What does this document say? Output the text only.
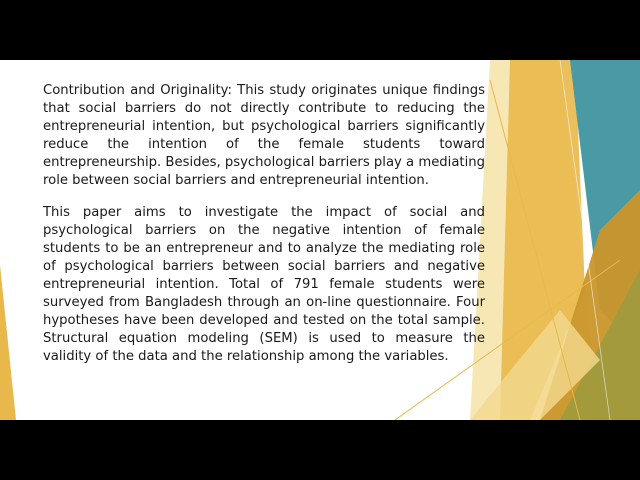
Contribution and Originality: This study originates unique findings that social barriers do not directly contribute to reducing the entrepreneurial intention, but psychological barriers significantly reduce the intention of the female students toward entrepreneurship. Besides, psychological barriers play a mediating role between social barriers and entrepreneurial intention.

This paper aims to investigate the impact of social and psychological barriers on the negative intention of female students to be an entrepreneur and to analyze the mediating role of psychological barriers between social barriers and negative entrepreneurial intention. Total of 791 female students were surveyed from Bangladesh through an on-line questionnaire. Four hypotheses have been developed and tested on the total sample. Structural equation modeling (SEM) is used to measure the validity of the data and the relationship among the variables.
